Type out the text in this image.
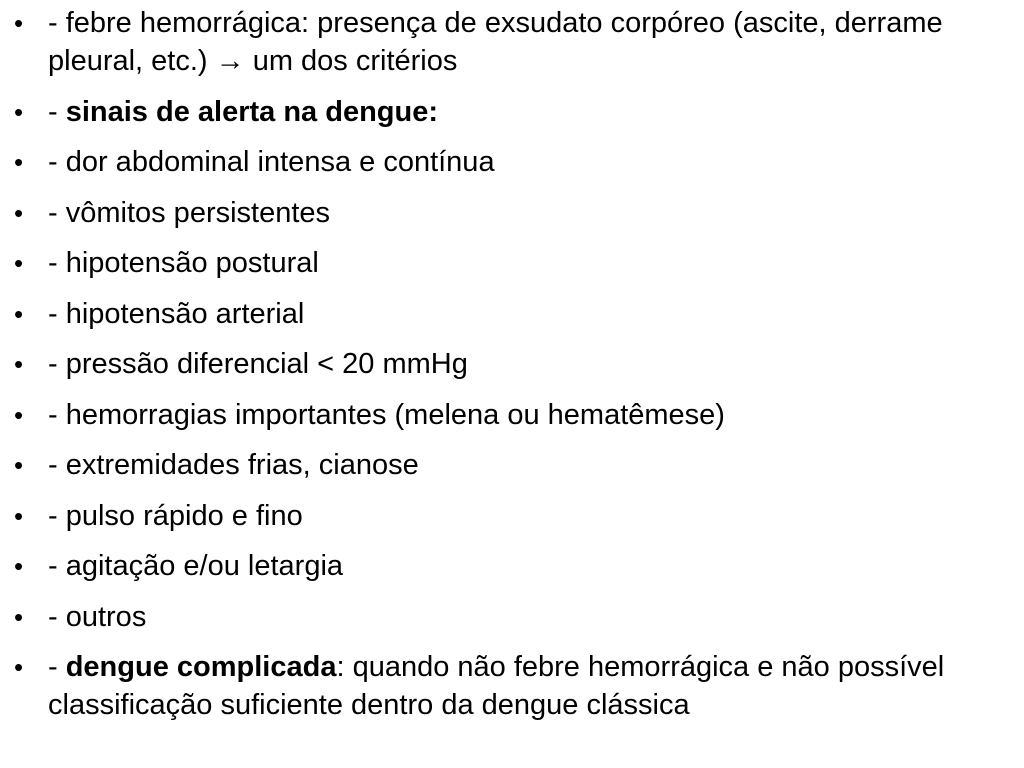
• - febre hemorrágica: presença de exsudato corpóreo (ascite, derrame pleural, etc.) → um dos critérios
• - sinais de alerta na dengue:
• - dor abdominal intensa e contínua
• - vômitos persistentes
• - hipotensão postural
• - hipotensão arterial
• - pressão diferencial < 20 mmHg
• - hemorragias importantes (melena ou hematêmese)
• - extremidades frias, cianose
• - pulso rápido e fino
• - agitação e/ou letargia
• - outros
• - dengue complicada: quando não febre hemorrágica e não possível classificação suficiente dentro da dengue clássica
